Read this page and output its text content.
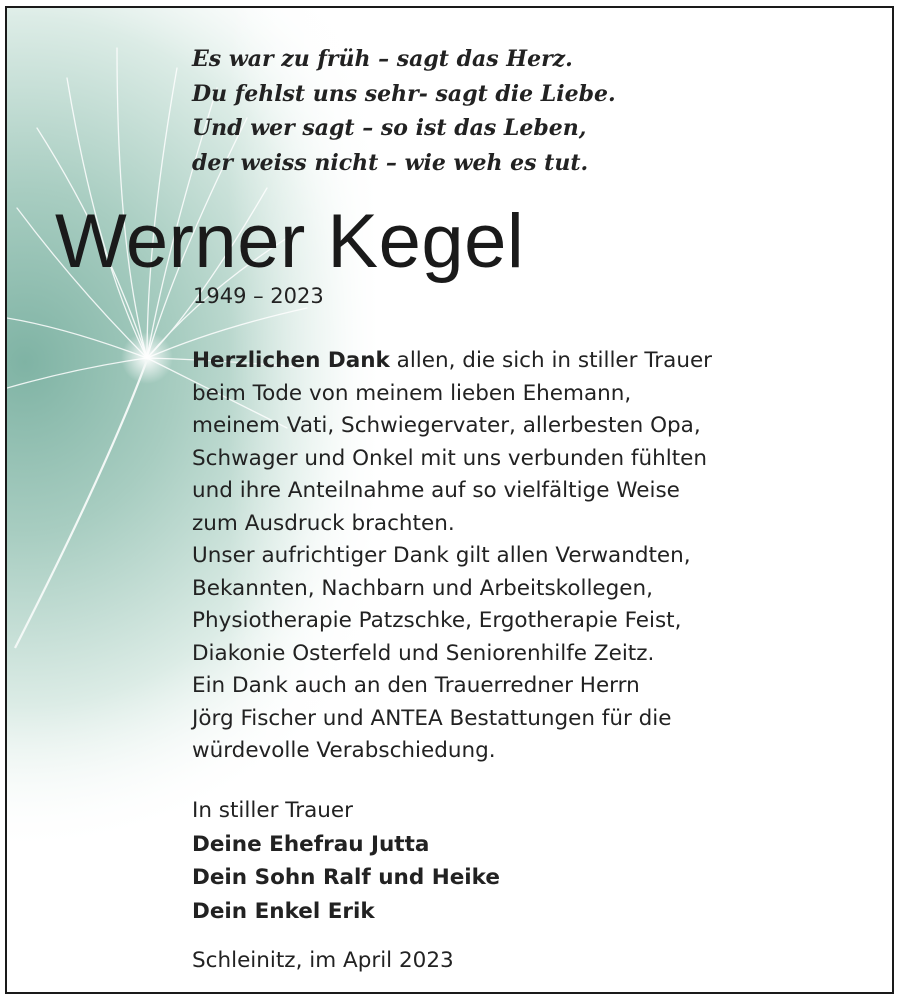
Es war zu früh – sagt das Herz.
Du fehlst uns sehr- sagt die Liebe.
Und wer sagt – so ist das Leben,
der weiss nicht – wie weh es tut.
Werner Kegel
1949 – 2023
Herzlichen Dank allen, die sich in stiller Trauer
beim Tode von meinem lieben Ehemann,
meinem Vati, Schwiegervater, allerbesten Opa,
Schwager und Onkel mit uns verbunden fühlten
und ihre Anteilnahme auf so vielfältige Weise
zum Ausdruck brachten.
Unser aufrichtiger Dank gilt allen Verwandten,
Bekannten, Nachbarn und Arbeitskollegen,
Physiotherapie Patzschke, Ergotherapie Feist,
Diakonie Osterfeld und Seniorenhilfe Zeitz.
Ein Dank auch an den Trauerredner Herrn
Jörg Fischer und ANTEA Bestattungen für die
würdevolle Verabschiedung.
In stiller Trauer
Deine Ehefrau Jutta
Dein Sohn Ralf und Heike
Dein Enkel Erik
Schleinitz, im April 2023
